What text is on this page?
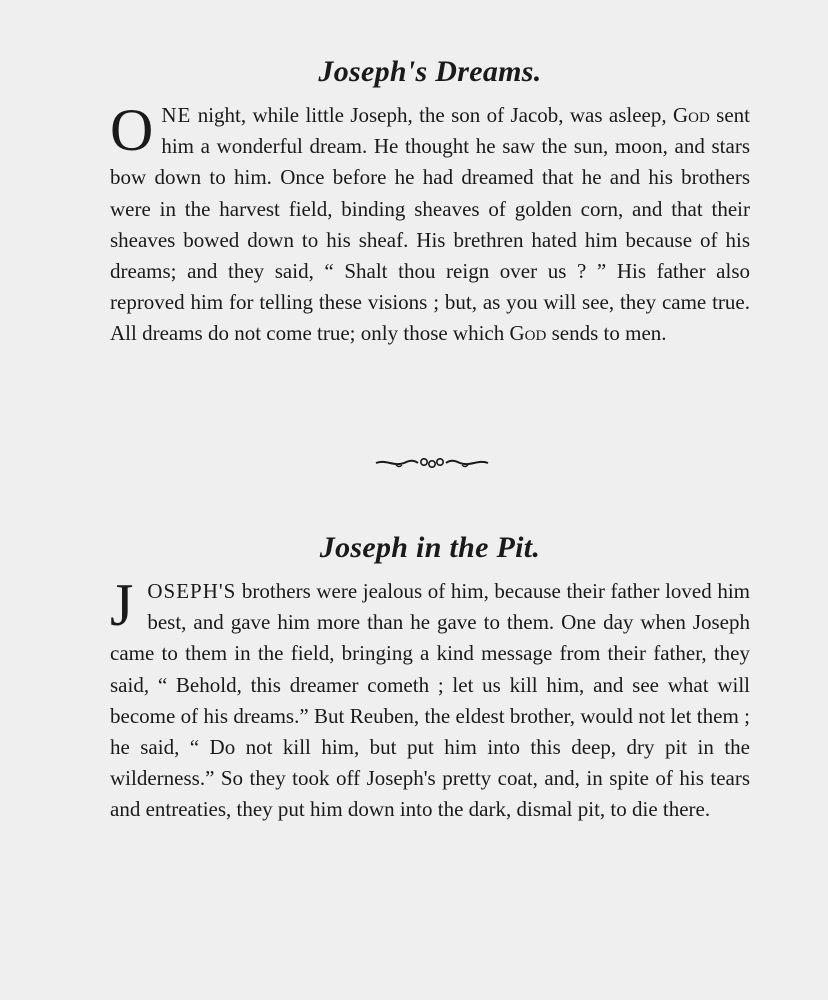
Joseph's Dreams.

ONE night, while little Joseph, the son of Jacob, was asleep, God sent him a wonderful dream. He thought he saw the sun, moon, and stars bow down to him. Once before he had dreamed that he and his brothers were in the harvest field, binding sheaves of golden corn, and that their sheaves bowed down to his sheaf. His brethren hated him because of his dreams; and they said, “ Shalt thou reign over us ? ” His father also reproved him for telling these visions ; but, as you will see, they came true. All dreams do not come true; only those which God sends to men.

Joseph in the Pit.

JOSEPH'S brothers were jealous of him, because their father loved him best, and gave him more than he gave to them. One day when Joseph came to them in the field, bringing a kind message from their father, they said, “ Behold, this dreamer cometh ; let us kill him, and see what will become of his dreams.” But Reuben, the eldest brother, would not let them ; he said, “ Do not kill him, but put him into this deep, dry pit in the wilderness.” So they took off Joseph's pretty coat, and, in spite of his tears and entreaties, they put him down into the dark, dismal pit, to die there.
